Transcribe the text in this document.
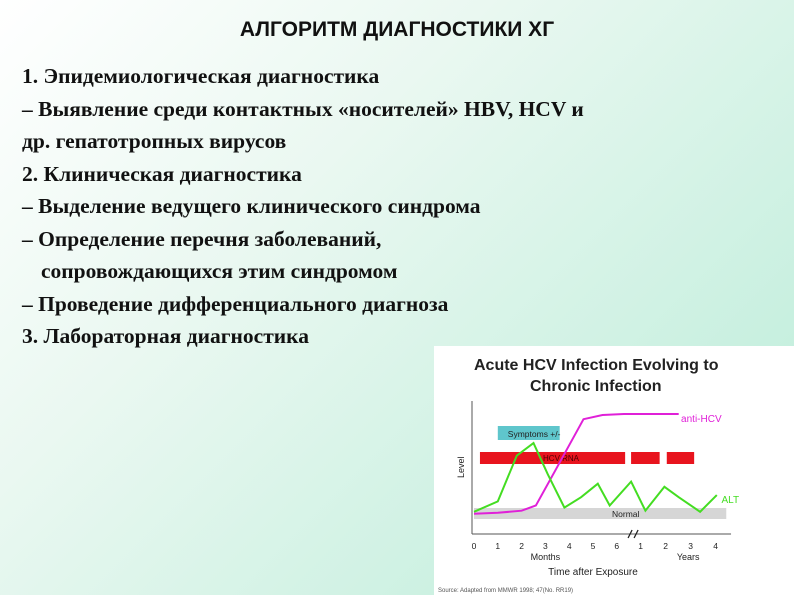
АЛГОРИТМ ДИАГНОСТИКИ ХГ
1. Эпидемиологическая диагностика
– Выявление среди контактных «носителей» HBV, HCV и
др. гепатотропных вирусов
2. Клиническая диагностика
– Выделение ведущего клинического синдрома
– Определение перечня заболеваний,
сопровождающихся этим синдромом
– Проведение дифференциального диагноза
3. Лабораторная диагностика
Acute HCV Infection Evolving to
Chronic Infection
Normal
Symptoms +/-
HCV RNA
Level
0 1 2 3 4 5 6 1 2 3 4
Months	Years
Time after Exposure
anti-HCV
ALT
Source: Adapted from MMWR 1998; 47(No. RR19)
